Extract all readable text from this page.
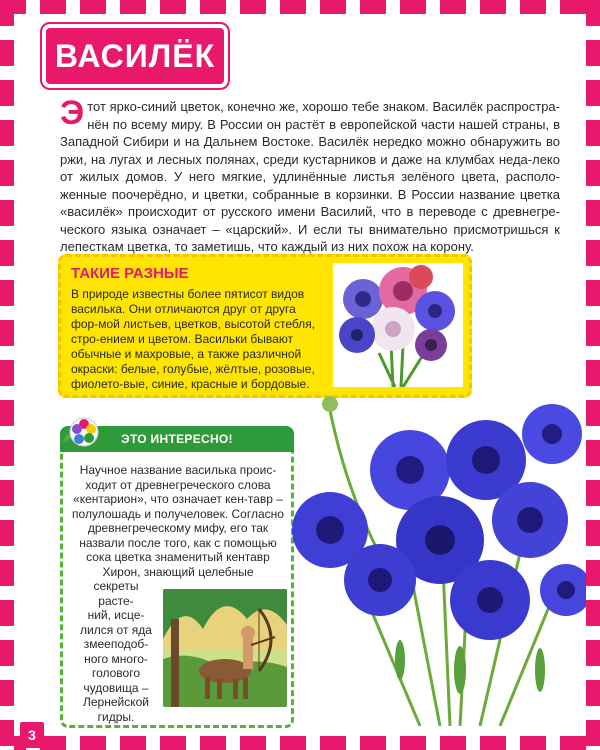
ВАСИЛЁК
Э тот ярко-синий цветок, конечно же, хорошо тебе знаком. Василёк распростра-нён по всему миру. В России он растёт в европейской части нашей страны, в Западной Сибири и на Дальнем Востоке. Василёк нередко можно обнаружить во ржи, на лугах и лесных полянах, среди кустарников и даже на клумбах неда-леко от жилых домов. У него мягкие, удлинённые листья зелёного цвета, располо-женные поочерёдно, и цветки, собранные в корзинки. В России название цветка «василёк» происходит от русского имени Василий, что в переводе с древнегре-ческого языка означает – «царский». И если ты внимательно присмотришься к лепесткам цветка, то заметишь, что каждый из них похож на корону.
ТАКИЕ РАЗНЫЕ
В природе известны более пятисот видов василька. Они отличаются друг от друга фор-мой листьев, цветков, высотой стебля, стро-ением и цветом. Васильки бывают обычные и махровые, а также различной окраски: белые, голубые, жёлтые, розовые, фиолето-вые, синие, красные и бордовые.
ЭТО ИНТЕРЕСНО!
Научное название василька проис-ходит от древнегреческого слова «кентарион», что означает кен-тавр – полулошадь и получеловек. Согласно древнегреческому мифу, его так назвали после того, как с помощью сока цветка знаменитый кентавр Хирон, знающий целебные
секреты
расте-
ний, исце-
лился от яда
змееподоб-
ного много-
голового
чудовища –
Лернейской
гидры.
3
